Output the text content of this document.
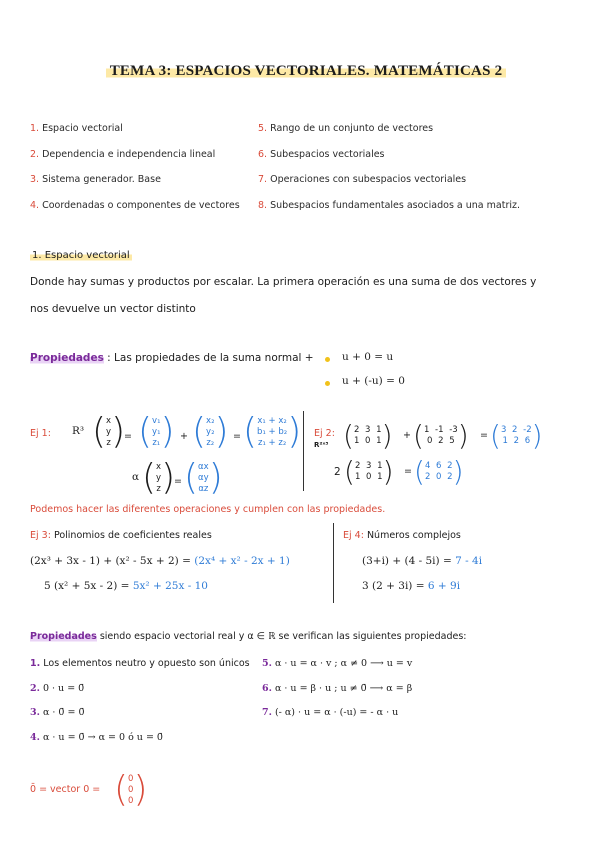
TEMA 3: ESPACIOS VECTORIALES. MATEMÁTICAS 2
1. Espacio vectorial
2. Dependencia e independencia lineal
3. Sistema generador. Base
4. Coordenadas o componentes de vectores
5. Rango de un conjunto de vectores
6. Subespacios vectoriales
7. Operaciones con subespacios vectoriales
8. Subespacios fundamentales asociados a una matriz.
1. Espacio vectorial
Donde hay sumas y productos por escalar. La primera operación es una suma de dos vectores y
nos devuelve un vector distinto
Propiedades : Las propiedades de la suma normal +	u + 0 = u
u + (-u) = 0
Ej 1: R³ ( x
y
z )
= ( v₁
y₁
z₁ ) + ( x₂
y₂
z₂ ) = ( x₁ + x₂
b₁ + b₂
z₁ + z₂ )
α ( x
y
z )
= ( αx
αy
αz )
Ej 2:
R²ˣ³ ( 2 3 1
1 0 1 ) + ( 1 -1 -3
0 2 5 ) = ( 3 2 -2
1 2 6 )
2 ( 2 3 1
1 0 1 ) = ( 4 6 2
2 0 2 )
Podemos hacer las diferentes operaciones y cumplen con las propiedades.
Ej 3: Polinomios de coeficientes reales
(2x³ + 3x - 1) + (x² - 5x + 2) = (2x⁴ + x² - 2x + 1)
5 (x² + 5x - 2) = 5x² + 25x - 10
Ej 4: Números complejos
(3+i) + (4 - 5i) = 7 - 4i
3 (2 + 3i) = 6 + 9i
Propiedades siendo espacio vectorial real y α ∈ ℝ se verifican las siguientes propiedades:
1. Los elementos neutro y opuesto son únicos
2. 0 · u = 0̄
3. α · 0̄ = 0̄
4. α · u = 0̄ → α = 0 ó u = 0̄
5. α · u = α · v ; α ≠ 0 ⟶ u = v
6. α · u = β · u ; u ≠ 0̄ ⟶ α = β
7. (- α) · u = α · (-u) = - α · u
0̄ = vector 0 = ( 0
0
0 )
